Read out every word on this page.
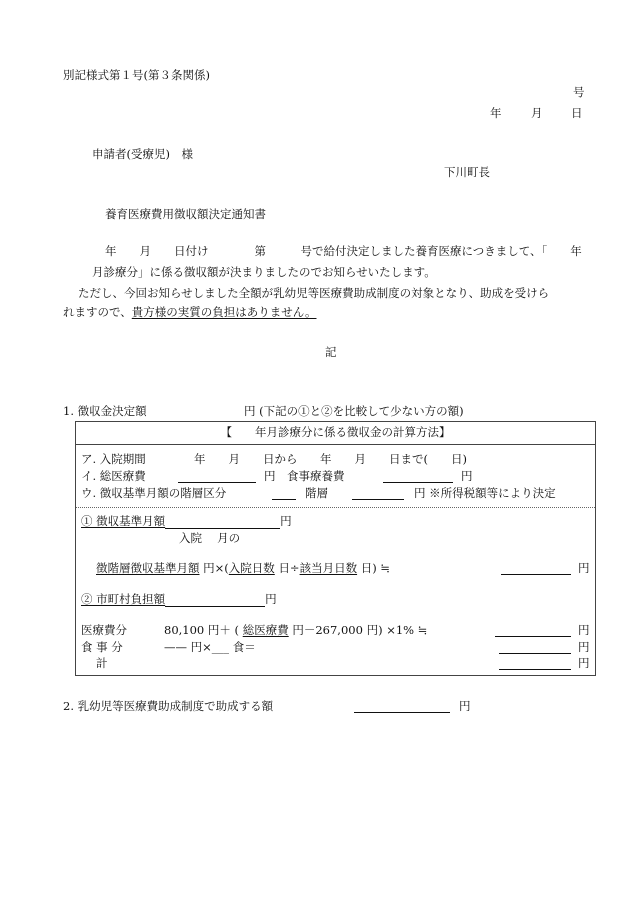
別記様式第１号(第３条関係)
号
年	月 日
申請者(受療児)　様
下川町長
養育医療費用徴収額決定通知書
年　　月　　日付け　　　　第　　　号で給付決定しました養育医療につきまして、「　　年
月診療分」に係る徴収額が決まりましたのでお知らせいたします。
ただし、今回お知らせしました全額が乳幼児等医療費助成制度の対象となり、助成を受けら
れますので、貴方様の実質の負担はありません。
記
1. 徴収金決定額	円 (下記の①と②を比較して少ない方の額)
【　　年月診療分に係る徴収金の計算方法】
ア. 入院期間	年　　月　　日から 年　　月　　日まで(　　日)
イ. 総医療費	円　食事療養費	円
ウ. 徴収基準月額の階層区分	階層	円 ※所得税額等により決定
① 徴収基準月額	円
入院　 月の
徴階層徴収基準月額 円×(入院日数 日÷該当月日数 日) ≒	円
② 市町村負担額	円
医療費分	80,100 円＋ ( 総医療費 円－267,000 円) ×1% ≒	円
食 事 分	—— 円×___ 食＝	円
計	円
2. 乳幼児等医療費助成制度で助成する額	円
